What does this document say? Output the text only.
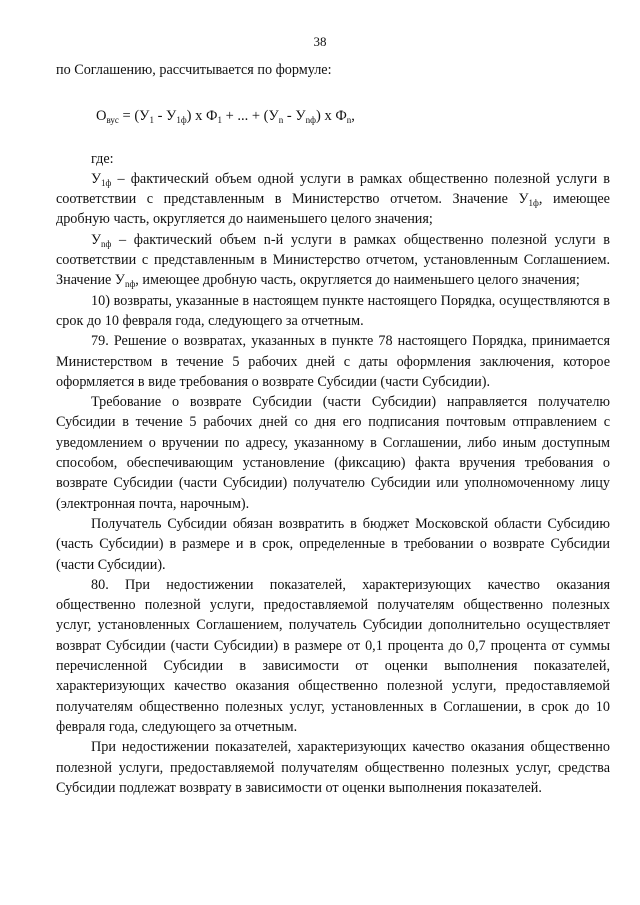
38

по Соглашению, рассчитывается по формуле:

$О_{вус} = (У_1 - У_{1ф})$ х $Ф_1$ + ... + $(У_n - У_{nф})$ х $Ф_n$,

где:

$У_{1ф}$ – фактический объем одной услуги в рамках общественно полезной услуги в соответствии с представленным в Министерство отчетом. Значение $У_{1ф}$, имеющее дробную часть, округляется до наименьшего целого значения;

$У_{nф}$ – фактический объем n-й услуги в рамках общественно полезной услуги в соответствии с представленным в Министерство отчетом, установленным Соглашением. Значение $У_{nф}$, имеющее дробную часть, округляется до наименьшего целого значения;

10) возвраты, указанные в настоящем пункте настоящего Порядка, осуществляются в срок до 10 февраля года, следующего за отчетным.

79. Решение о возвратах, указанных в пункте 78 настоящего Порядка, принимается Министерством в течение 5 рабочих дней с даты оформления заключения, которое оформляется в виде требования о возврате Субсидии (части Субсидии).

Требование о возврате Субсидии (части Субсидии) направляется получателю Субсидии в течение 5 рабочих дней со дня его подписания почтовым отправлением с уведомлением о вручении по адресу, указанному в Соглашении, либо иным доступным способом, обеспечивающим установление (фиксацию) факта вручения требования о возврате Субсидии (части Субсидии) получателю Субсидии или уполномоченному лицу (электронная почта, нарочным).

Получатель Субсидии обязан возвратить в бюджет Московской области Субсидию (часть Субсидии) в размере и в срок, определенные в требовании о возврате Субсидии (части Субсидии).

80. При недостижении показателей, характеризующих качество оказания общественно полезной услуги, предоставляемой получателям общественно полезных услуг, установленных Соглашением, получатель Субсидии дополнительно осуществляет возврат Субсидии (части Субсидии) в размере от 0,1 процента до 0,7 процента от суммы перечисленной Субсидии в зависимости от оценки выполнения показателей, характеризующих качество оказания общественно полезной услуги, предоставляемой получателям общественно полезных услуг, установленных в Соглашении, в срок до 10 февраля года, следующего за отчетным.

При недостижении показателей, характеризующих качество оказания общественно полезной услуги, предоставляемой получателям общественно полезных услуг, средства Субсидии подлежат возврату в зависимости от оценки выполнения показателей.
